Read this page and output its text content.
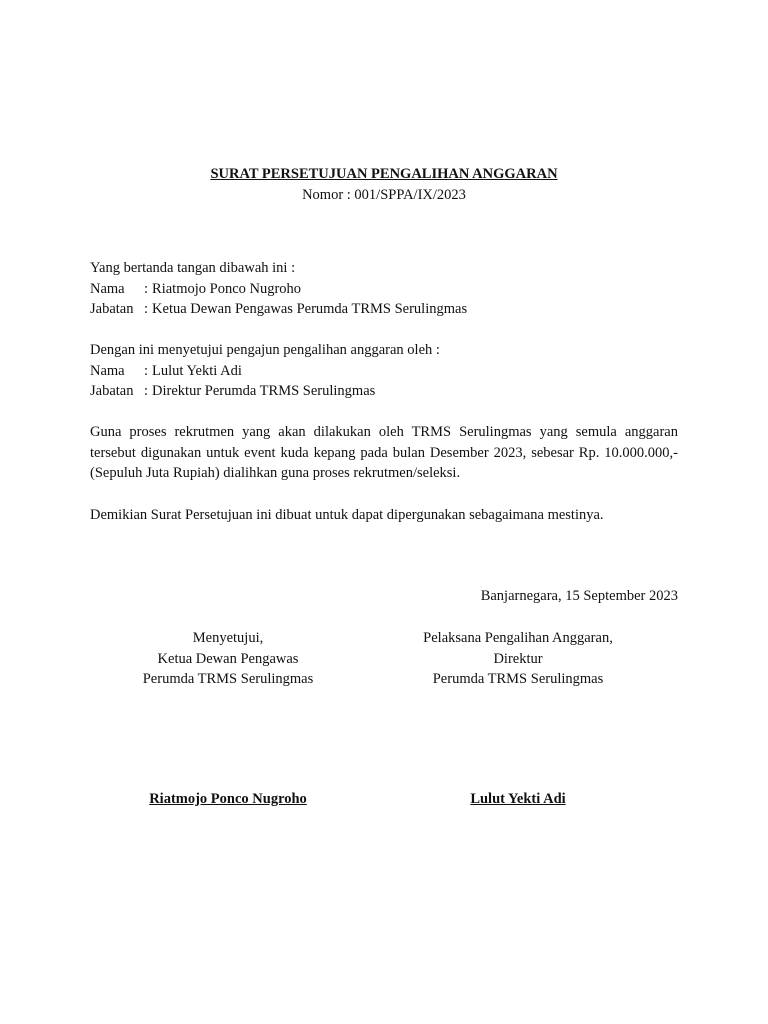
SURAT PERSETUJUAN PENGALIHAN ANGGARAN
Nomor : 001/SPPA/IX/2023
Yang bertanda tangan dibawah ini :
Nama : Riatmojo Ponco Nugroho
Jabatan : Ketua Dewan Pengawas Perumda TRMS Serulingmas
Dengan ini menyetujui pengajun pengalihan anggaran oleh :
Nama : Lulut Yekti Adi
Jabatan : Direktur Perumda TRMS Serulingmas
Guna proses rekrutmen yang akan dilakukan oleh TRMS Serulingmas yang semula anggaran tersebut digunakan untuk event kuda kepang pada bulan Desember 2023, sebesar Rp. 10.000.000,- (Sepuluh Juta Rupiah) dialihkan guna proses rekrutmen/seleksi.
Demikian Surat Persetujuan ini dibuat untuk dapat dipergunakan sebagaimana mestinya.
Banjarnegara, 15 September 2023
Menyetujui,
Ketua Dewan Pengawas
Perumda TRMS Serulingmas
Pelaksana Pengalihan Anggaran,
Direktur
Perumda TRMS Serulingmas
Riatmojo Ponco Nugroho	Lulut Yekti Adi
